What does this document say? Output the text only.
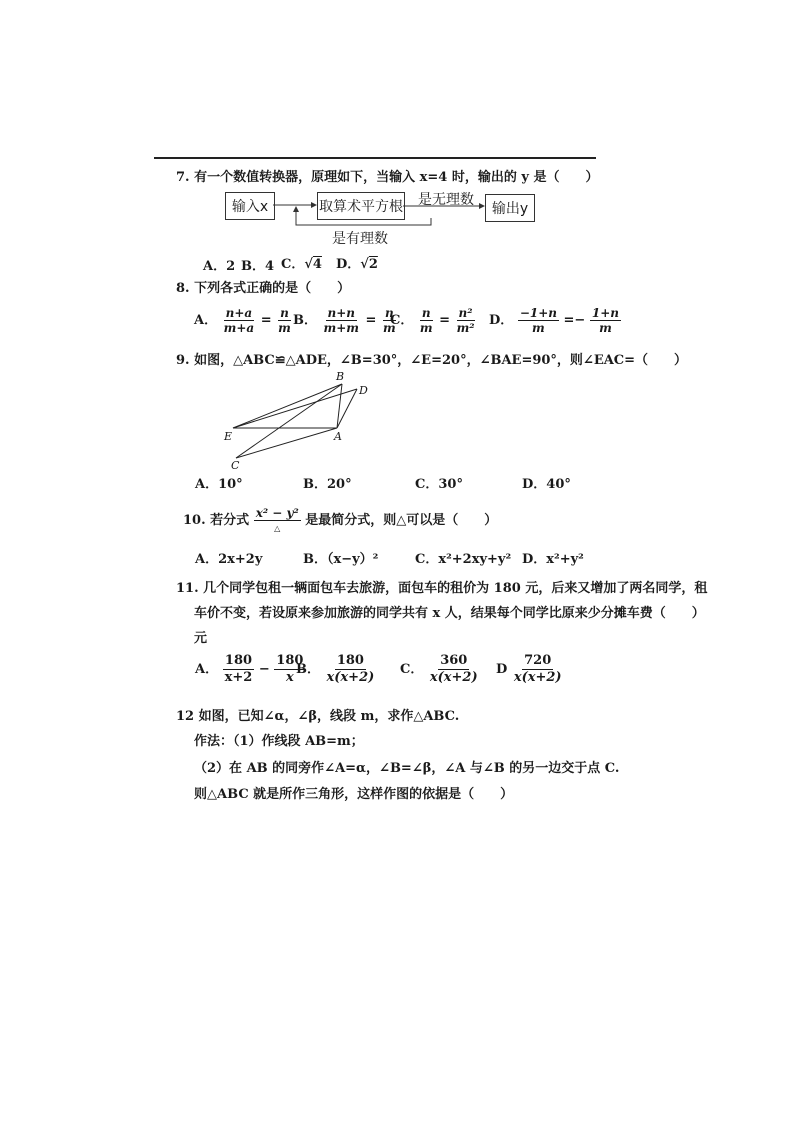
7. 有一个数值转换器，原理如下，当输入 x=4 时，输出的 y 是（　　）
输入x	取算术平方根	输出y
是无理数
是有理数
A．2 B．4 C．√4 D．√2
8. 下列各式正确的是（　　）
A． $\frac{n+a}{m+a} = \frac{n}{m}$ B． $\frac{n+n}{m+m} = \frac{n}{m}$
C． $\frac{n}{m} = \frac{\text{n²}}{\text{m²}}$ D． $\frac{-1+n}{m} =- \frac{1+n}{m}$
9. 如图，△ABC≌△ADE，∠B=30°，∠E=20°，∠BAE=90°，则∠EAC=（　　）
B
D
E	A
C
A．10°	B．20°	C．30°	D．40°
10. 若分式 $\frac{\text{x² − y²}}{\triangle}$ 是最简分式，则△可以是（　　）
A．2x+2y	B．（x−y）²	C．x²+2xy+y² D．x²+y²
11. 几个同学包租一辆面包车去旅游，面包车的租价为 180 元，后来又增加了两名同学，租
车价不变，若设原来参加旅游的同学共有 x 人，结果每个同学比原来少分摊车费（　　）
元
A． $\frac{180}{x+2} - \frac{180}{x}$
B． $\frac{180}{x(x+2)}$ C． $\frac{360}{x(x+2)}$ D $\frac{720}{x(x+2)}$
12 如图，已知∠α，∠β，线段 m，求作△ABC.
作法：（1）作线段 AB=m；
（2）在 AB 的同旁作∠A=α，∠B=∠β，∠A 与∠B 的另一边交于点 C.
则△ABC 就是所作三角形，这样作图的依据是（　　）
